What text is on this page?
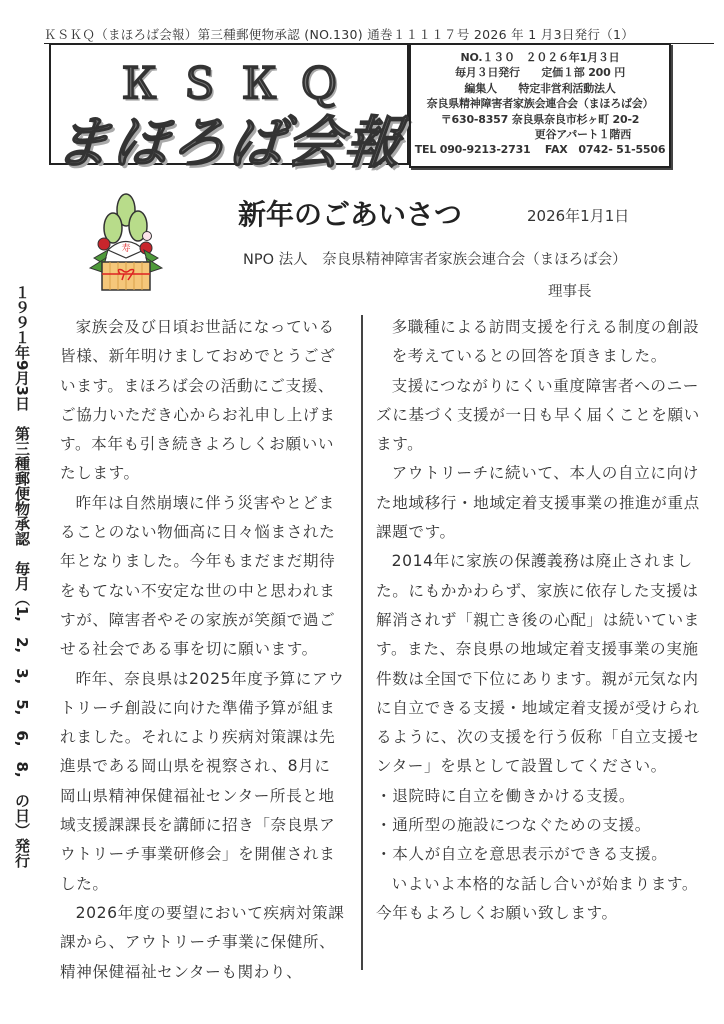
ＫＳＫＱ（まほろば会報）第三種郵便物承認 (NO.130) 通巻１１１１７号 2026 年 1 月3日発行（1）
ＫＳＫＱ
まほろば会報
NO.１３０　２０２６年1月３日
毎月３日発行　　定価１部 200 円
編集人　　特定非営利活動法人
奈良県精神障害者家族会連合会（まほろば会）
〒630-8357 奈良県奈良市杉ヶ町 20-2
更谷アパート１階西
TEL 090-9213-2731　 FAX　0742- 51-5506
１９９１年9月3日　第三種郵便物承認　毎月（1,　2,　3,　5,　6,　8,　の日）発行
寿
新年のごあいさつ	2026年1月1日
NPO 法人　奈良県精神障害者家族会連合会（まほろば会）
理事長

家族会及び日頃お世話になっている皆様、新年明けましておめでとうございます。まほろば会の活動にご支援、ご協力いただき心からお礼申し上げます。本年も引き続きよろしくお願いいたします。

昨年は自然崩壊に伴う災害やとどまることのない物価高に日々悩まされた年となりました。今年もまだまだ期待をもてない不安定な世の中と思われますが、障害者やその家族が笑顔で過ごせる社会である事を切に願います。

昨年、奈良県は2025年度予算にアウトリーチ創設に向けた準備予算が組まれました。それにより疾病対策課は先進県である岡山県を視察され、8月に岡山県精神保健福祉センター所長と地域支援課課長を講師に招き「奈良県アウトリーチ事業研修会」を開催されました。

2026年度の要望において疾病対策課課から、アウトリーチ事業に保健所、精神保健福祉センターも関わり、

多職種による訪問支援を行える制度の創設を考えているとの回答を頂きました。

支援につながりにくい重度障害者へのニーズに基づく支援が一日も早く届くことを願います。

アウトリーチに続いて、本人の自立に向けた地域移行・地域定着支援事業の推進が重点課題です。

2014年に家族の保護義務は廃止されました。にもかかわらず、家族に依存した支援は解消されず「親亡き後の心配」は続いています。また、奈良県の地域定着支援事業の実施件数は全国で下位にあります。親が元気な内に自立できる支援・地域定着支援が受けられるように、次の支援を行う仮称「自立支援センター」を県として設置してください。

・退院時に自立を働きかける支援。

・通所型の施設につなぐための支援。

・本人が自立を意思表示ができる支援。

いよいよ本格的な話し合いが始まります。今年もよろしくお願い致します。
